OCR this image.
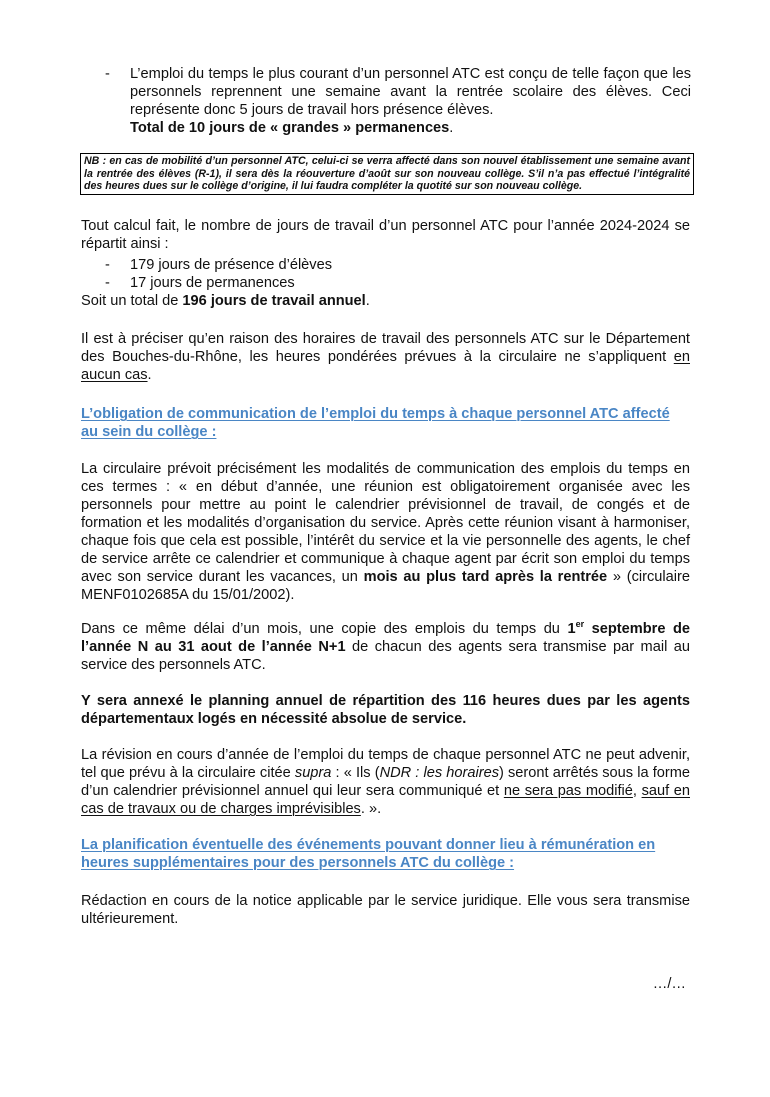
- L’emploi du temps le plus courant d’un personnel ATC est conçu de telle façon que les personnels reprennent une semaine avant la rentrée scolaire des élèves. Ceci représente donc 5 jours de travail hors présence élèves.
Total de 10 jours de « grandes » permanences.

NB : en cas de mobilité d’un personnel ATC, celui-ci se verra affecté dans son nouvel établissement une semaine avant la rentrée des élèves (R-1), il sera dès la réouverture d’août sur son nouveau collège. S’il n’a pas effectué l’intégralité des heures dues sur le collège d’origine, il lui faudra compléter la quotité sur son nouveau collège.

Tout calcul fait, le nombre de jours de travail d’un personnel ATC pour l’année 2024-2024 se répartit ainsi :

- 179 jours de présence d’élèves

- 17 jours de permanences

Soit un total de 196 jours de travail annuel.

Il est à préciser qu’en raison des horaires de travail des personnels ATC sur le Département des Bouches-du-Rhône, les heures pondérées prévues à la circulaire ne s’appliquent en aucun cas.

L’obligation de communication de l’emploi du temps à chaque personnel ATC affecté au sein du collège :

La circulaire prévoit précisément les modalités de communication des emplois du temps en ces termes : « en début d’année, une réunion est obligatoirement organisée avec les personnels pour mettre au point le calendrier prévisionnel de travail, de congés et de formation et les modalités d’organisation du service. Après cette réunion visant à harmoniser, chaque fois que cela est possible, l’intérêt du service et la vie personnelle des agents, le chef de service arrête ce calendrier et communique à chaque agent par écrit son emploi du temps avec son service durant les vacances, un mois au plus tard après la rentrée » (circulaire MENF0102685A du 15/01/2002).

Dans ce même délai d’un mois, une copie des emplois du temps du 1er septembre de l’année N au 31 aout de l’année N+1 de chacun des agents sera transmise par mail au service des personnels ATC.

Y sera annexé le planning annuel de répartition des 116 heures dues par les agents départementaux logés en nécessité absolue de service.

La révision en cours d’année de l’emploi du temps de chaque personnel ATC ne peut advenir, tel que prévu à la circulaire citée supra : « Ils (NDR : les horaires) seront arrêtés sous la forme d’un calendrier prévisionnel annuel qui leur sera communiqué et ne sera pas modifié, sauf en cas de travaux ou de charges imprévisibles. ».

La planification éventuelle des événements pouvant donner lieu à rémunération en heures supplémentaires pour des personnels ATC du collège :

Rédaction en cours de la notice applicable par le service juridique. Elle vous sera transmise ultérieurement.

…/…
